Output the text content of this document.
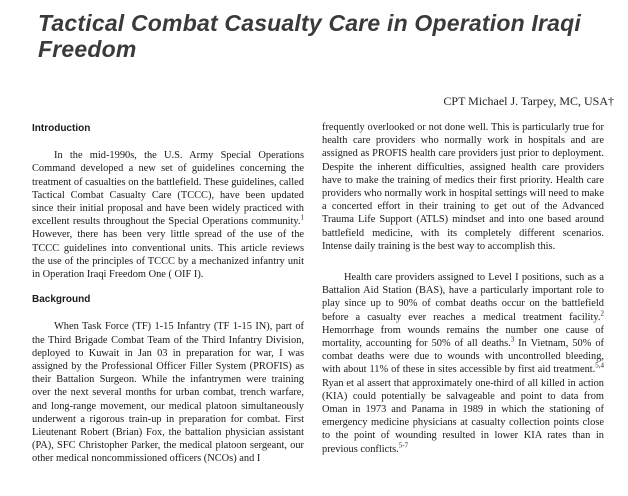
Tactical Combat Casualty Care in Operation Iraqi Freedom
CPT Michael J. Tarpey, MC, USA†
Introduction

In the mid-1990s, the U.S. Army Special Operations Command developed a new set of guidelines concerning the treatment of casualties on the battlefield. These guidelines, called Tactical Combat Casualty Care (TCCC), have been updated since their initial proposal and have been widely practiced with excellent results throughout the Special Operations community.$^1$ However, there has been very little spread of the use of the TCCC guidelines into conventional units. This article reviews the use of the principles of TCCC by a mechanized infantry unit in Operation Iraqi Freedom One ( OIF I).

Background

When Task Force (TF) 1-15 Infantry (TF 1-15 IN), part of the Third Brigade Combat Team of the Third Infantry Division, deployed to Kuwait in Jan 03 in preparation for war, I was assigned by the Professional Officer Filler System (PROFIS) as their Battalion Surgeon. While the infantrymen were training over the next several months for urban combat, trench warfare, and long-range movement, our medical platoon simultaneously underwent a rigorous train-up in preparation for combat. First Lieutenant Robert (Brian) Fox, the battalion physician assistant (PA), SFC Christopher Parker, the medical platoon sergeant, our other medical noncommissioned officers (NCOs) and I

frequently overlooked or not done well. This is particularly true for health care providers who normally work in hospitals and are assigned as PROFIS health care providers just prior to deployment. Despite the inherent difficulties, assigned health care providers have to make the training of medics their first priority. Health care providers who normally work in hospital settings will need to make a concerted effort in their training to get out of the Advanced Trauma Life Support (ATLS) mindset and into one based around battlefield medicine, with its completely different scenarios. Intense daily training is the best way to accomplish this.

Health care providers assigned to Level I positions, such as a Battalion Aid Station (BAS), have a particularly important role to play since up to 90% of combat deaths occur on the battlefield before a casualty ever reaches a medical treatment facility.$^2$ Hemorrhage from wounds remains the number one cause of mortality, accounting for 50% of all deaths.$^3$ In Vietnam, 50% of combat deaths were due to wounds with uncontrolled bleeding, with about 11% of these in sites accessible by first aid treatment.$^{5,4}$ Ryan et al assert that approximately one-third of all killed in action (KIA) could potentially be salvageable and point to data from Oman in 1973 and Panama in 1989 in which the stationing of emergency medicine physicians at casualty collection points close to the point of wounding resulted in lower KIA rates than in previous conflicts.$^{5-7}$
